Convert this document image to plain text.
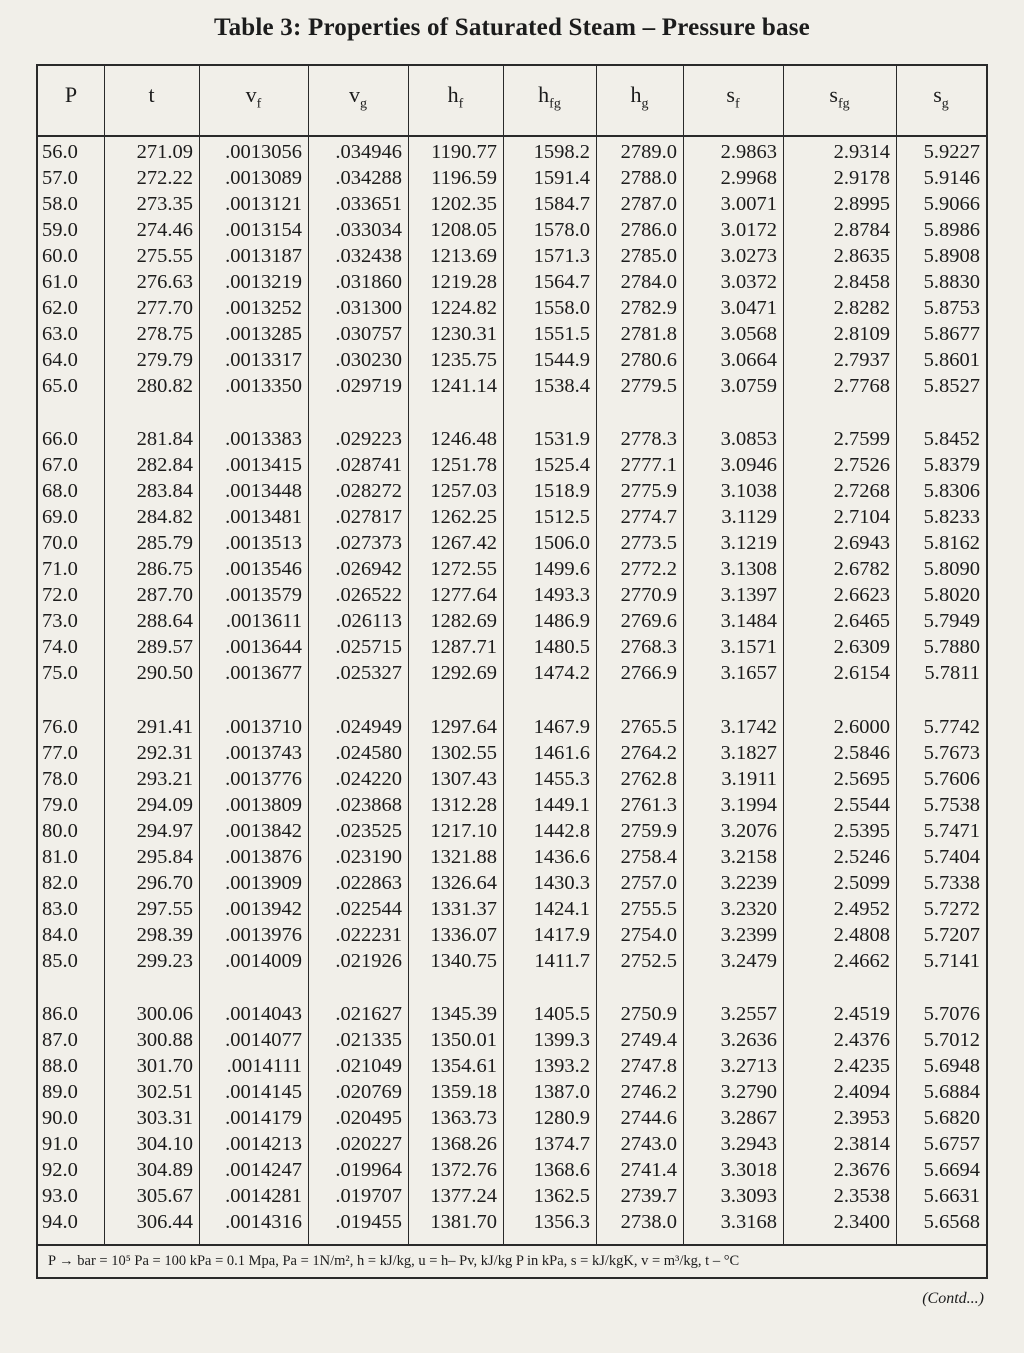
Table 3: Properties of Saturated Steam – Pressure base
P	t	$v_f$	$v_g$	$h_f$	$h_{fg}$	$h_g$	$s_f$	$s_{fg}$	$s_g$
56.0	271.09 .0013056 .034946 1190.77 1598.2 2789.0 2.9863	2.9314 5.9227
57.0	272.22 .0013089 .034288 1196.59 1591.4 2788.0 2.9968	2.9178 5.9146
58.0	273.35 .0013121 .033651 1202.35 1584.7 2787.0 3.0071	2.8995 5.9066
59.0	274.46 .0013154 .033034 1208.05 1578.0 2786.0 3.0172	2.8784 5.8986
60.0	275.55 .0013187 .032438 1213.69 1571.3 2785.0 3.0273	2.8635 5.8908
61.0	276.63 .0013219 .031860 1219.28 1564.7 2784.0 3.0372	2.8458 5.8830
62.0	277.70 .0013252 .031300 1224.82 1558.0 2782.9 3.0471	2.8282 5.8753
63.0	278.75 .0013285 .030757 1230.31 1551.5 2781.8 3.0568	2.8109 5.8677
64.0	279.79 .0013317 .030230 1235.75 1544.9 2780.6 3.0664	2.7937 5.8601
65.0	280.82 .0013350 .029719 1241.14 1538.4 2779.5 3.0759	2.7768 5.8527
66.0	281.84 .0013383 .029223 1246.48 1531.9 2778.3 3.0853	2.7599 5.8452
67.0	282.84 .0013415 .028741 1251.78 1525.4 2777.1 3.0946	2.7526 5.8379
68.0	283.84 .0013448 .028272 1257.03 1518.9 2775.9 3.1038	2.7268 5.8306
69.0	284.82 .0013481 .027817 1262.25 1512.5 2774.7 3.1129	2.7104 5.8233
70.0	285.79 .0013513 .027373 1267.42 1506.0 2773.5 3.1219	2.6943 5.8162
71.0	286.75 .0013546 .026942 1272.55 1499.6 2772.2 3.1308	2.6782 5.8090
72.0	287.70 .0013579 .026522 1277.64 1493.3 2770.9 3.1397	2.6623 5.8020
73.0	288.64 .0013611 .026113 1282.69 1486.9 2769.6 3.1484	2.6465 5.7949
74.0	289.57 .0013644 .025715 1287.71 1480.5 2768.3 3.1571	2.6309 5.7880
75.0	290.50 .0013677 .025327 1292.69 1474.2 2766.9 3.1657	2.6154 5.7811
76.0	291.41 .0013710 .024949 1297.64 1467.9 2765.5 3.1742	2.6000 5.7742
77.0	292.31 .0013743 .024580 1302.55 1461.6 2764.2 3.1827	2.5846 5.7673
78.0	293.21 .0013776 .024220 1307.43 1455.3 2762.8 3.1911	2.5695 5.7606
79.0	294.09 .0013809 .023868 1312.28 1449.1 2761.3 3.1994	2.5544 5.7538
80.0	294.97 .0013842 .023525 1217.10 1442.8 2759.9 3.2076	2.5395 5.7471
81.0	295.84 .0013876 .023190 1321.88 1436.6 2758.4 3.2158	2.5246 5.7404
82.0	296.70 .0013909 .022863 1326.64 1430.3 2757.0 3.2239	2.5099 5.7338
83.0	297.55 .0013942 .022544 1331.37 1424.1 2755.5 3.2320	2.4952 5.7272
84.0	298.39 .0013976 .022231 1336.07 1417.9 2754.0 3.2399	2.4808 5.7207
85.0	299.23 .0014009 .021926 1340.75 1411.7 2752.5 3.2479	2.4662 5.7141
86.0	300.06 .0014043 .021627 1345.39 1405.5 2750.9 3.2557	2.4519 5.7076
87.0	300.88 .0014077 .021335 1350.01 1399.3 2749.4 3.2636	2.4376 5.7012
88.0	301.70 .0014111 .021049 1354.61 1393.2 2747.8 3.2713	2.4235 5.6948
89.0	302.51 .0014145 .020769 1359.18 1387.0 2746.2 3.2790	2.4094 5.6884
90.0	303.31 .0014179 .020495 1363.73 1280.9 2744.6 3.2867	2.3953 5.6820
91.0	304.10 .0014213 .020227 1368.26 1374.7 2743.0 3.2943	2.3814 5.6757
92.0	304.89 .0014247 .019964 1372.76 1368.6 2741.4 3.3018	2.3676 5.6694
93.0	305.67 .0014281 .019707 1377.24 1362.5 2739.7 3.3093	2.3538 5.6631
94.0	306.44 .0014316 .019455 1381.70 1356.3 2738.0 3.3168	2.3400 5.6568
P → bar = 10⁵ Pa = 100 kPa = 0.1 Mpa, Pa = 1N/m², h = kJ/kg, u = h– Pv, kJ/kg P in kPa, s = kJ/kgK, v = m³/kg, t – °C
(Contd...)
